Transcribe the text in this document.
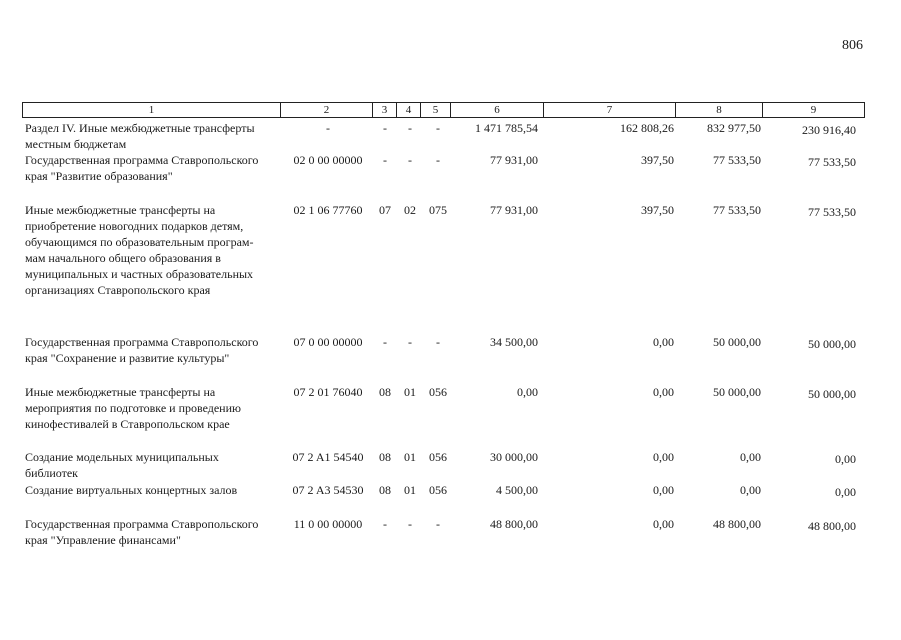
806
1	2	3	4	5	6	7	8	9
Раздел IV. Иные межбюджетные трансферты
местным бюджетам
-	-	-	-	1 471 785,54	162 808,26	832 977,50	230 916,40
Государственная программа Ставропольского
края "Развитие образования"
02 0 00 00000	-	-	-	77 931,00	397,50	77 533,50	77 533,50
Иные межбюджетные трансферты на
приобретение новогодних подарков детям,
обучающимся по образовательным програм-
мам начального общего образования в
муниципальных и частных образовательных
организациях Ставропольского края
02 1 06 77760	07	02	075	77 931,00	397,50	77 533,50	77 533,50
Государственная программа Ставропольского
края "Сохранение и развитие культуры"
07 0 00 00000	-	-	-	34 500,00	0,00	50 000,00	50 000,00
Иные межбюджетные трансферты на
мероприятия по подготовке и проведению
кинофестивалей в Ставропольском крае
07 2 01 76040	08	01	056	0,00	0,00	50 000,00	50 000,00
Создание модельных муниципальных
библиотек
07 2 A1 54540	08	01	056	30 000,00	0,00	0,00	0,00
Создание виртуальных концертных залов	07 2 A3 54530	08	01	056	4 500,00	0,00	0,00	0,00
Государственная программа Ставропольского
края "Управление финансами"
11 0 00 00000	-	-	-	48 800,00	0,00	48 800,00	48 800,00
